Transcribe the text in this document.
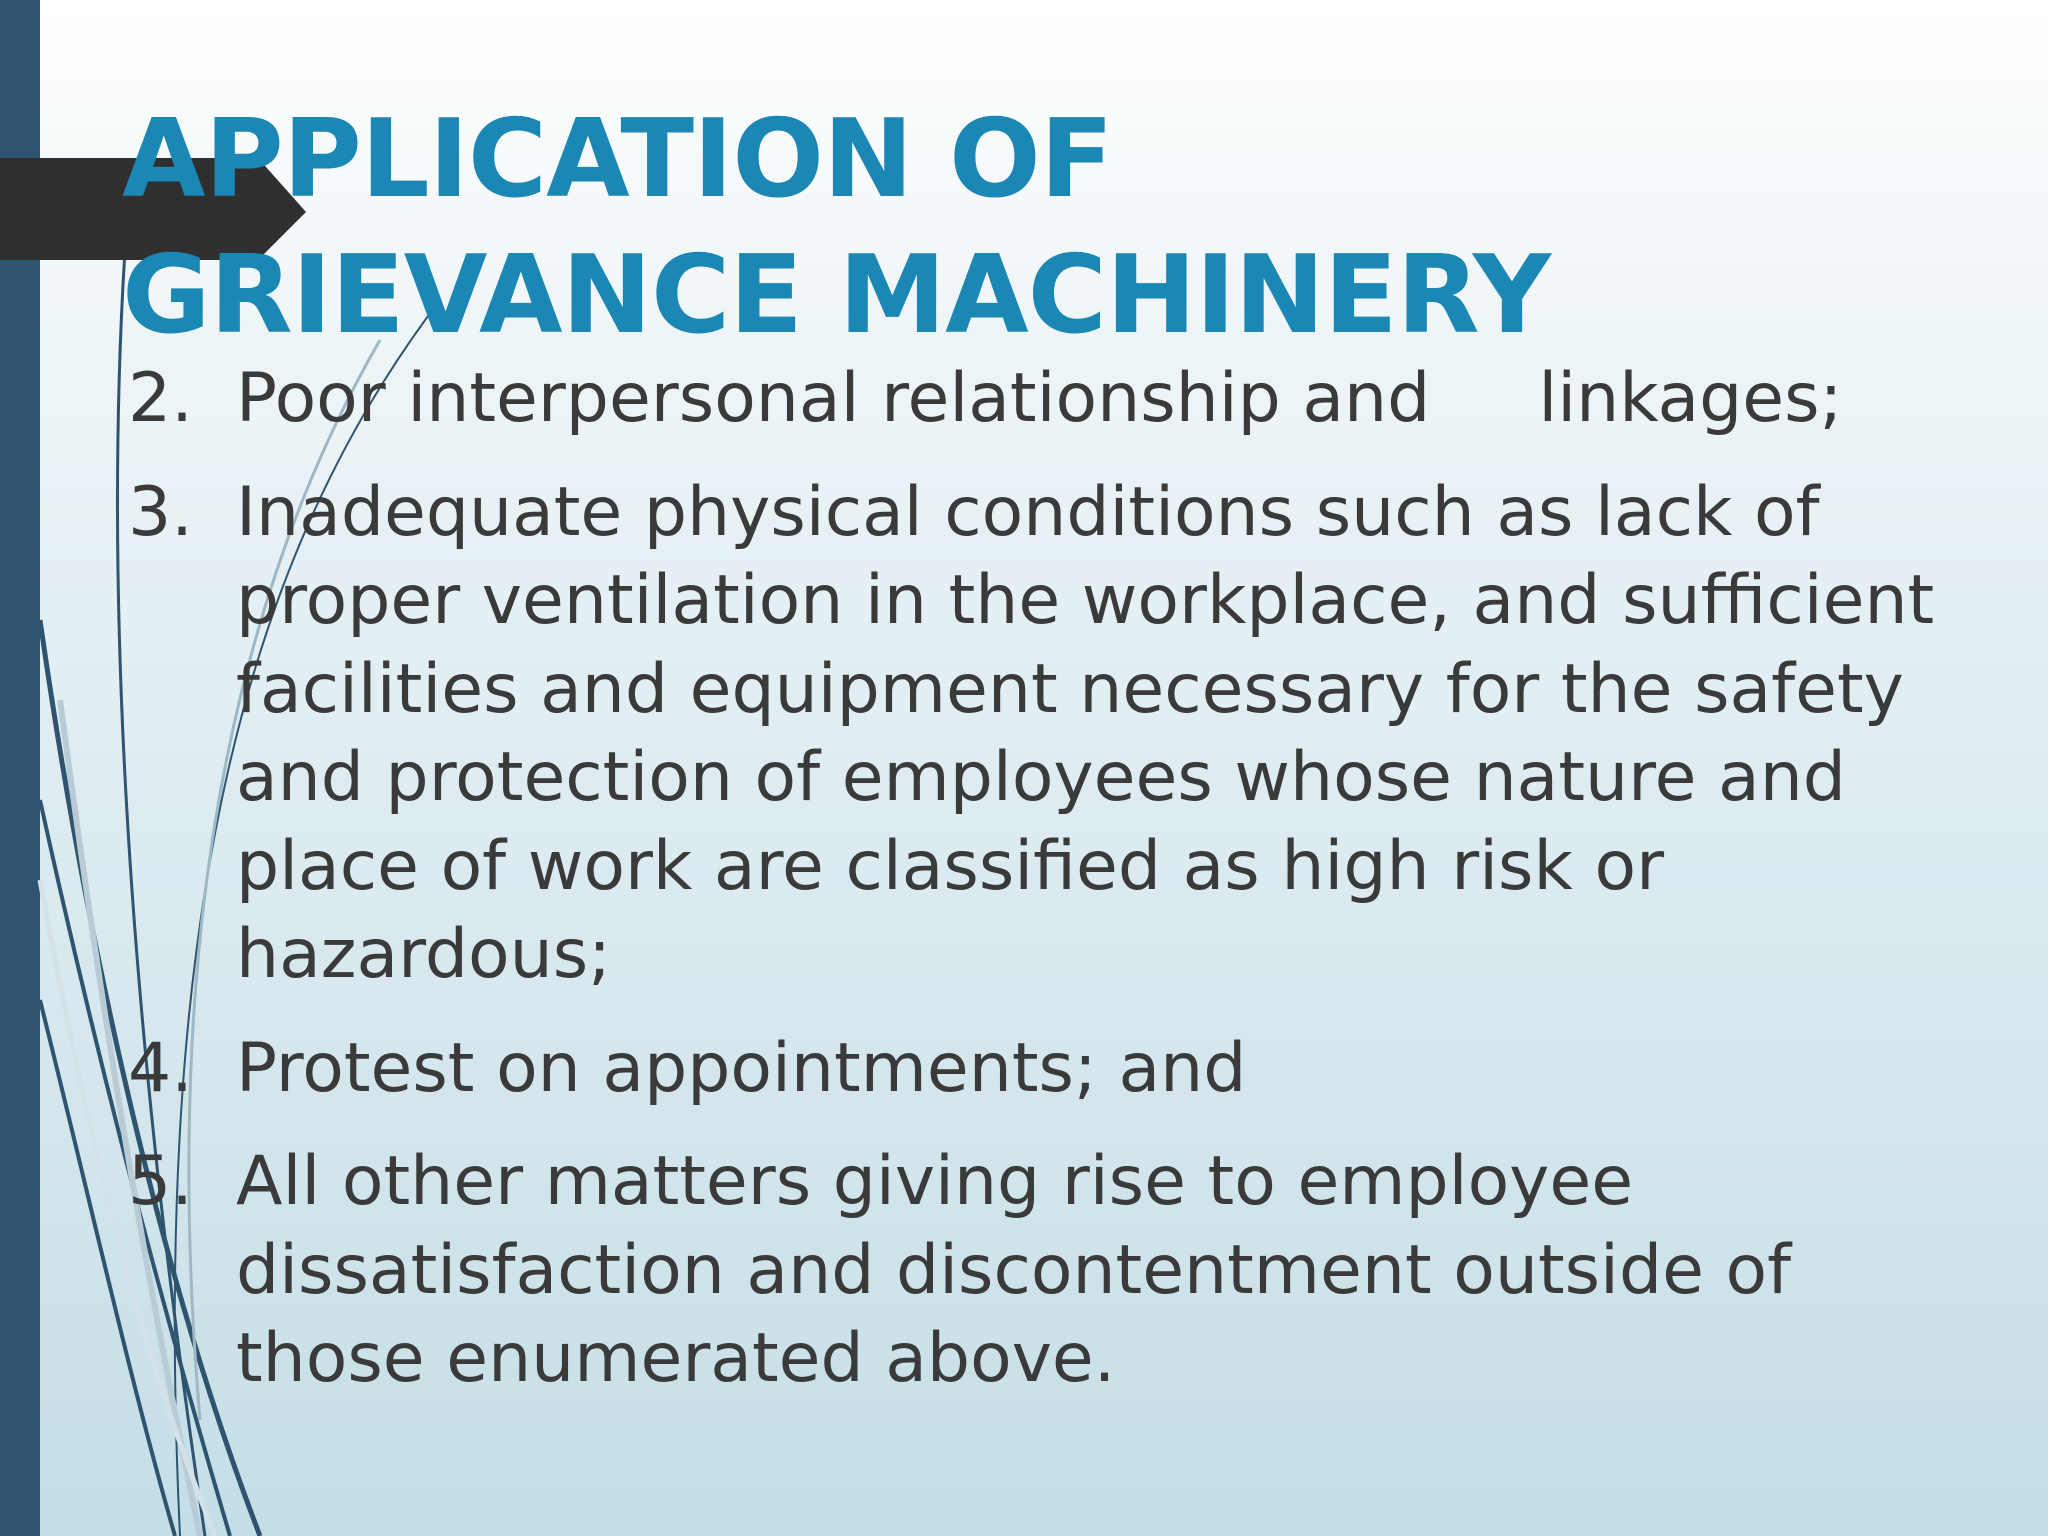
APPLICATION OF
GRIEVANCE MACHINERY
2. Poor interpersonal relationship and     linkages;
3. Inadequate physical conditions such as lack of
proper ventilation in the workplace, and sufficient
facilities and equipment necessary for the safety
and protection of employees whose nature and
place of work are classified as high risk or
hazardous;
4. Protest on appointments; and
5. All other matters giving rise to employee
dissatisfaction and discontentment outside of
those enumerated above.
